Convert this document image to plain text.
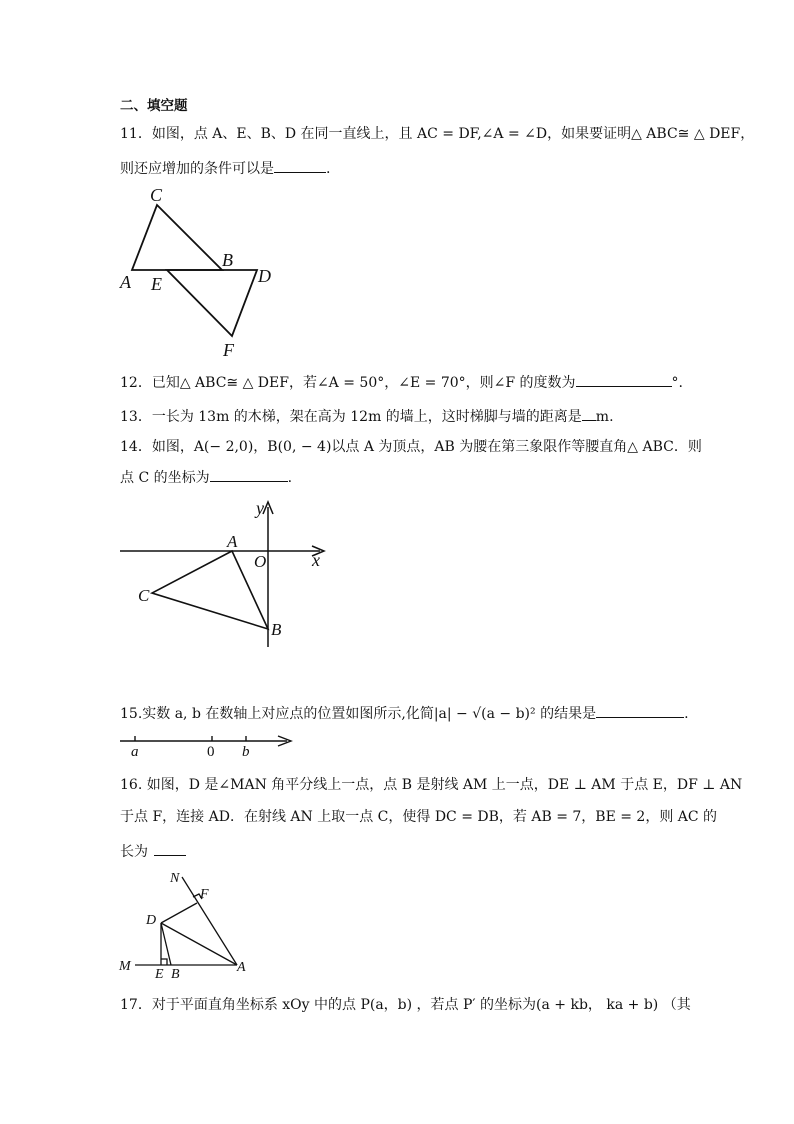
二、填空题
11．如图，点 A、E、B、D 在同一直线上，且 AC = DF,∠A = ∠D，如果要证明△ ABC≅ △ DEF，
则还应增加的条件可以是	.
C
B
D
A E
F
12．已知△ ABC≅ △ DEF，若∠A = 50°，∠E = 70°，则∠F 的度数为	°.
13．一长为 13m 的木梯，架在高为 12m 的墙上，这时梯脚与墙的距离是 m.
14．如图，A(− 2,0)，B(0, − 4)以点 A 为顶点，AB 为腰在第三象限作等腰直角△ ABC．则
点 C 的坐标为	.
y
x
A
O
C
B
15.实数 a, b 在数轴上对应点的位置如图所示,化简|a| − √(a − b)² 的结果是	.
a	0 b
16. 如图，D 是∠MAN 角平分线上一点，点 B 是射线 AM 上一点，DE ⊥ AM 于点 E，DF ⊥ AN
于点 F，连接 AD．在射线 AN 上取一点 C，使得 DC = DB，若 AB = 7，BE = 2，则 AC 的
长为
N
F
D
M
E B	A
17．对于平面直角坐标系 xOy 中的点 P(a，b) ，若点 P′ 的坐标为(a + kb， ka + b) （其
